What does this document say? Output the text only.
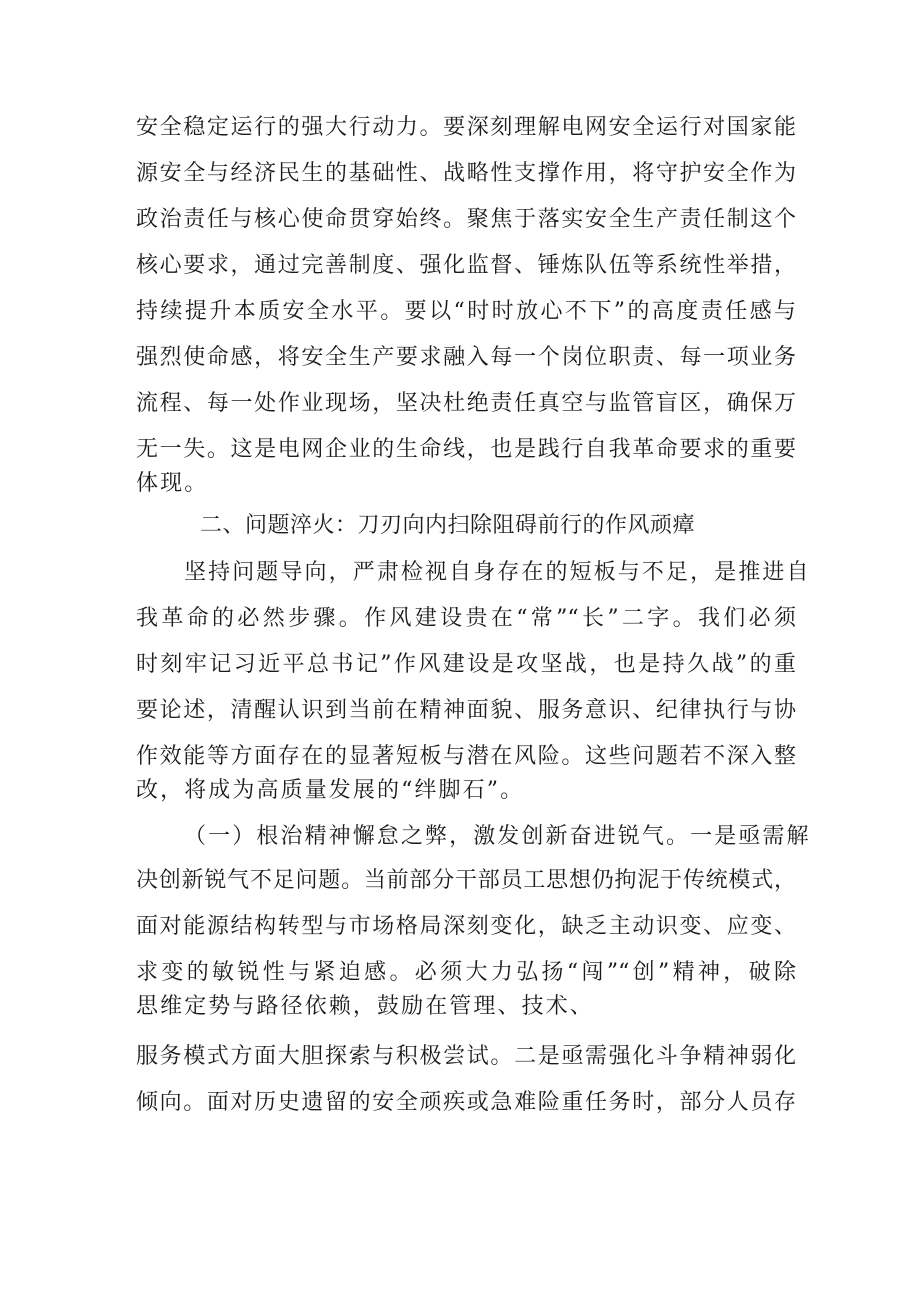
安全稳定运行的强大行动力。要深刻理解电网安全运行对国家能
源安全与经济民生的基础性、战略性支撑作用，将守护安全作为
政治责任与核心使命贯穿始终。聚焦于落实安全生产责任制这个
核心要求，通过完善制度、强化监督、锤炼队伍等系统性举措，
持续提升本质安全水平。要以“时时放心不下”的高度责任感与
强烈使命感，将安全生产要求融入每一个岗位职责、每一项业务
流程、每一处作业现场，坚决杜绝责任真空与监管盲区，确保万
无一失。这是电网企业的生命线，也是践行自我革命要求的重要
体现。
二、问题淬火：刀刃向内扫除阻碍前行的作风顽瘴
坚持问题导向，严肃检视自身存在的短板与不足，是推进自
我革命的必然步骤。作风建设贵在“常”“长”二字。我们必须
时刻牢记习近平总书记”作风建设是攻坚战，也是持久战”的重
要论述，清醒认识到当前在精神面貌、服务意识、纪律执行与协
作效能等方面存在的显著短板与潜在风险。这些问题若不深入整
改，将成为高质量发展的“绊脚石”。
（一）根治精神懈怠之弊，激发创新奋进锐气。一是亟需解
决创新锐气不足问题。当前部分干部员工思想仍拘泥于传统模式，
面对能源结构转型与市场格局深刻变化，缺乏主动识变、应变、
求变的敏锐性与紧迫感。必须大力弘扬“闯”“创”精神，破除
思维定势与路径依赖，鼓励在管理、技术、
服务模式方面大胆探索与积极尝试。二是亟需强化斗争精神弱化
倾向。面对历史遗留的安全顽疾或急难险重任务时，部分人员存
